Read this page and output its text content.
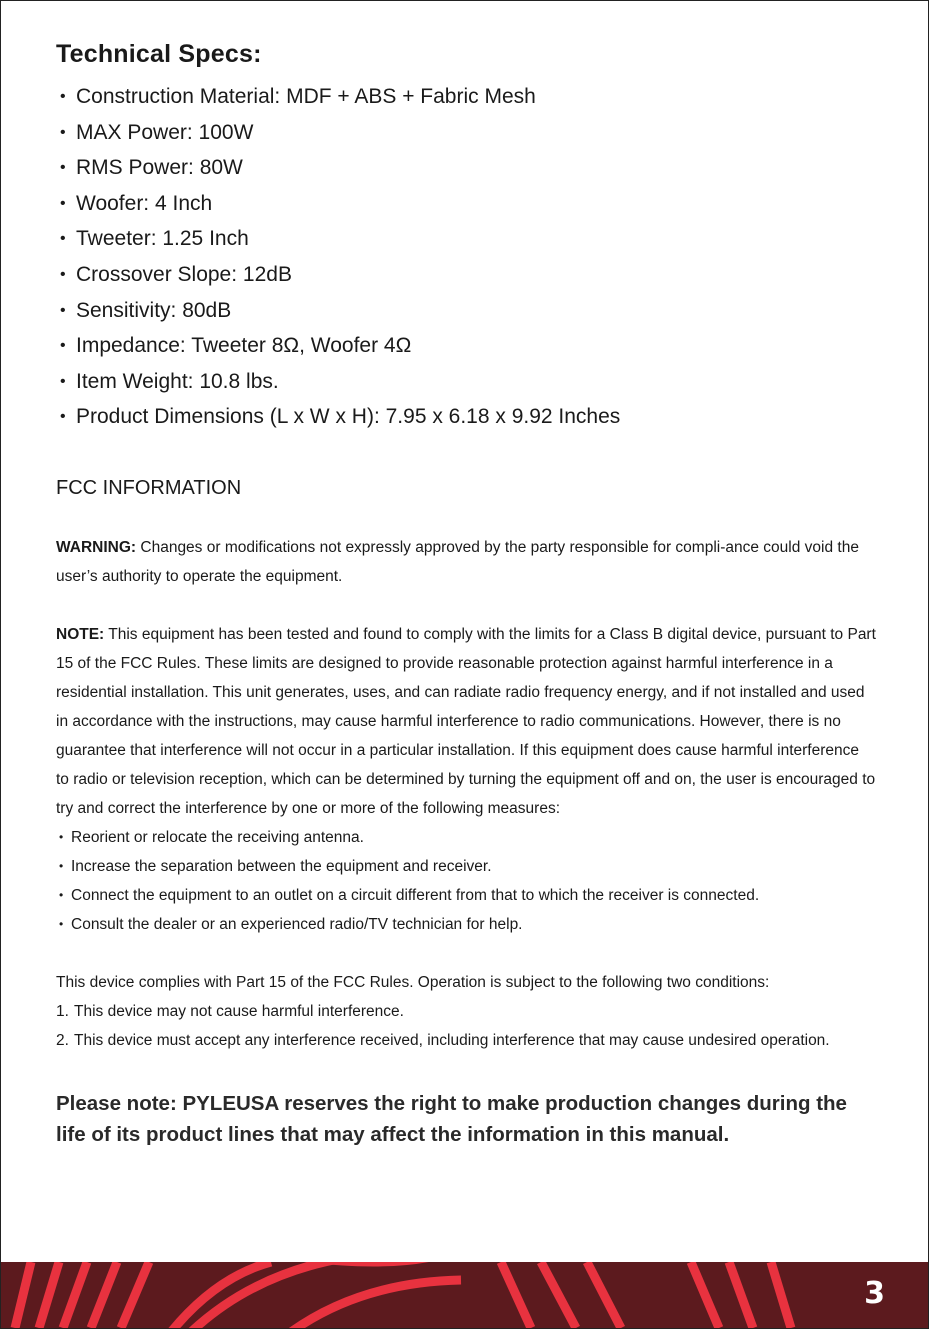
Technical Specs:
• Construction Material: MDF + ABS + Fabric Mesh
• MAX Power: 100W
• RMS Power: 80W
• Woofer: 4 Inch
• Tweeter: 1.25 Inch
• Crossover Slope: 12dB
• Sensitivity: 80dB
• Impedance: Tweeter 8Ω, Woofer 4Ω
• Item Weight: 10.8 lbs.
• Product Dimensions (L x W x H): 7.95 x 6.18 x 9.92 Inches
FCC INFORMATION

WARNING: Changes or modifications not expressly approved by the party responsible for compli-ance could void the user’s authority to operate the equipment.

NOTE: This equipment has been tested and found to comply with the limits for a Class B digital device, pursuant to Part 15 of the FCC Rules. These limits are designed to provide reasonable protection against harmful interference in a residential installation. This unit generates, uses, and can radiate radio frequency energy, and if not installed and used in accordance with the instructions, may cause harmful interference to radio communications. However, there is no guarantee that interference will not occur in a particular installation. If this equipment does cause harmful interference to radio or television reception, which can be determined by turning the equipment off and on, the user is encouraged to try and correct the interference by one or more of the following measures:

• Reorient or relocate the receiving antenna.
• Increase the separation between the equipment and receiver.
• Connect the equipment to an outlet on a circuit different from that to which the receiver is connected.
• Consult the dealer or an experienced radio/TV technician for help.

This device complies with Part 15 of the FCC Rules. Operation is subject to the following two conditions:

1. This device may not cause harmful interference.
2. This device must accept any interference received, including interference that may cause undesired operation.

Please note: PYLEUSA reserves the right to make production changes during the life of its product lines that may affect the information in this manual.

3
